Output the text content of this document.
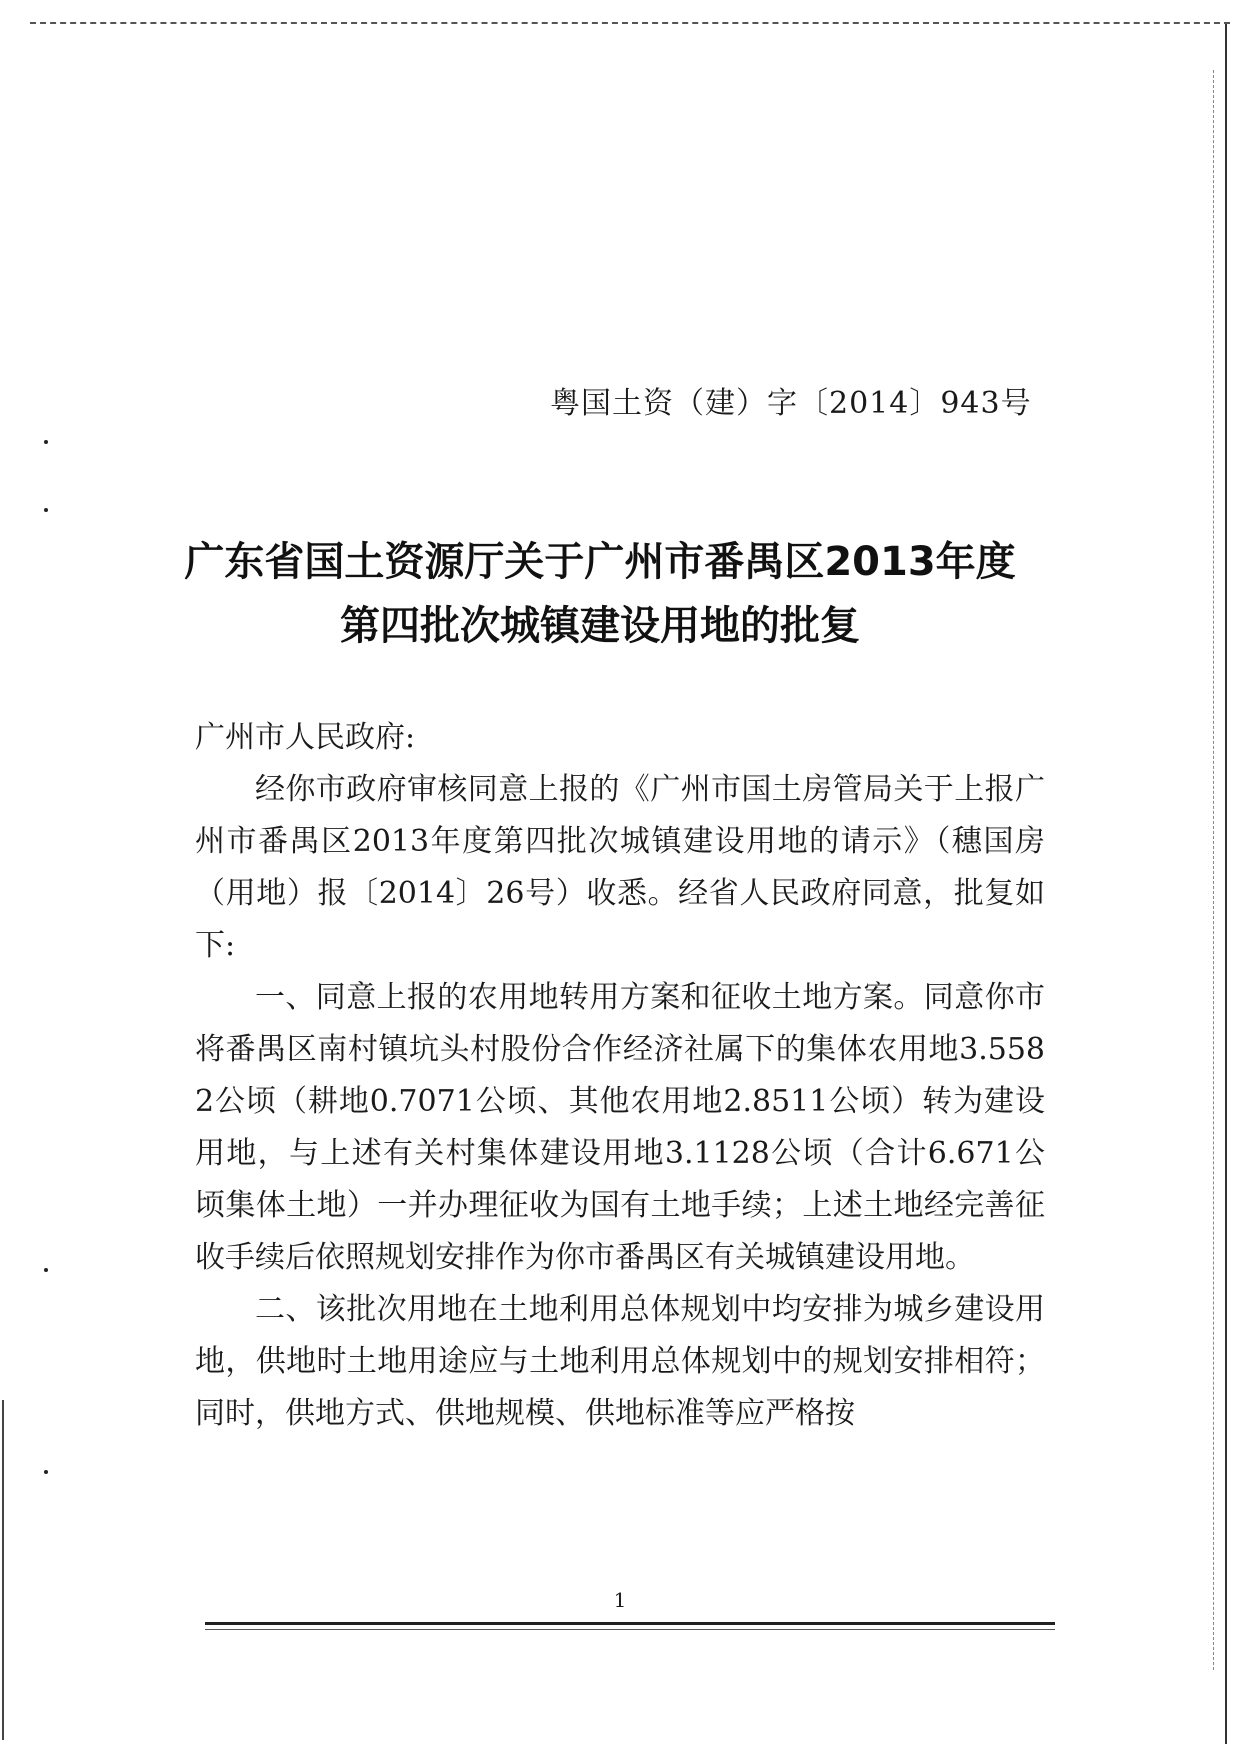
粤国土资（建）字〔2014〕943号
广东省国土资源厅关于广州市番禺区2013年度
第四批次城镇建设用地的批复

广州市人民政府:

经你市政府审核同意上报的《广州市国土房管局关于上报广州市番禺区2013年度第四批次城镇建设用地的请示》（穗国房（用地）报〔2014〕26号）收悉。经省人民政府同意，批复如下:

一、同意上报的农用地转用方案和征收土地方案。同意你市将番禺区南村镇坑头村股份合作经济社属下的集体农用地3.5582公顷（耕地0.7071公顷、其他农用地2.8511公顷）转为建设用地，与上述有关村集体建设用地3.1128公顷（合计6.671公顷集体土地）一并办理征收为国有土地手续；上述土地经完善征收手续后依照规划安排作为你市番禺区有关城镇建设用地。

二、该批次用地在土地利用总体规划中均安排为城乡建设用地，供地时土地用途应与土地利用总体规划中的规划安排相符；同时，供地方式、供地规模、供地标准等应严格按

1
